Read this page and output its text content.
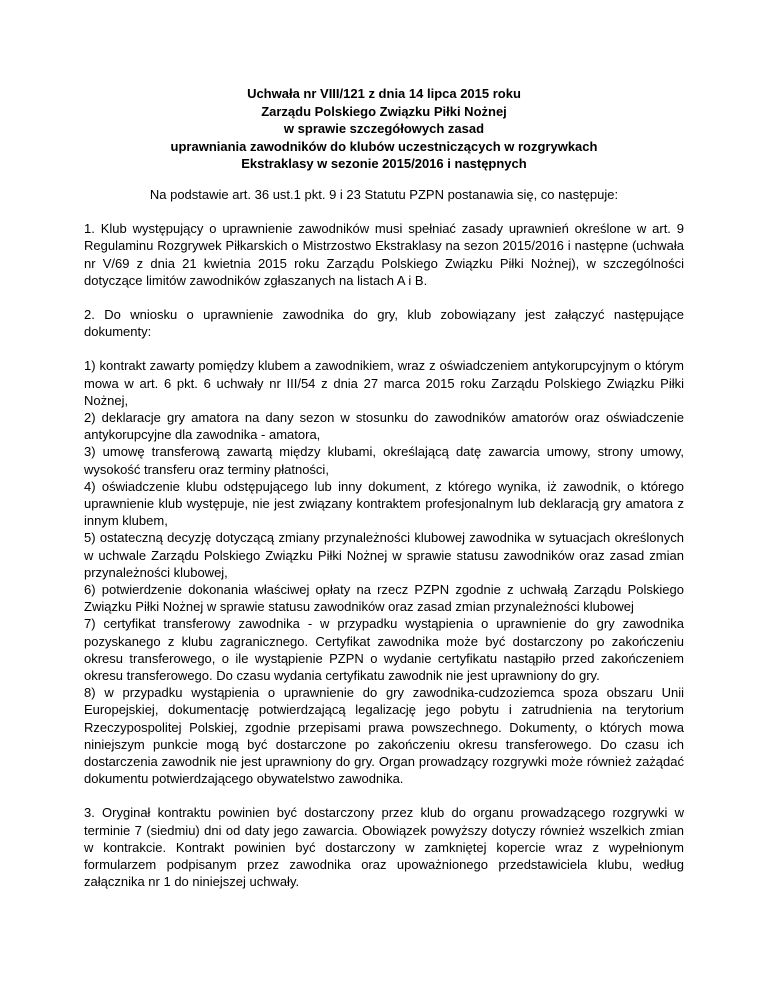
Uchwała nr VIII/121 z dnia 14 lipca 2015 roku
Zarządu Polskiego Związku Piłki Nożnej
w sprawie szczegółowych zasad
uprawniania zawodników do klubów uczestniczących w rozgrywkach
Ekstraklasy w sezonie 2015/2016 i następnych
Na podstawie art. 36 ust.1 pkt. 9 i 23 Statutu PZPN postanawia się, co następuje:
1. Klub występujący o uprawnienie zawodników musi spełniać zasady uprawnień określone w art. 9 Regulaminu Rozgrywek Piłkarskich o Mistrzostwo Ekstraklasy na sezon 2015/2016 i następne (uchwała nr V/69 z dnia 21 kwietnia 2015 roku Zarządu Polskiego Związku Piłki Nożnej), w szczególności dotyczące limitów zawodników zgłaszanych na listach A i B.
2. Do wniosku o uprawnienie zawodnika do gry, klub zobowiązany jest załączyć następujące dokumenty:
1) kontrakt zawarty pomiędzy klubem a zawodnikiem, wraz z oświadczeniem antykorupcyjnym o którym mowa w art. 6 pkt. 6 uchwały nr III/54 z dnia 27 marca 2015 roku Zarządu Polskiego Związku Piłki Nożnej,
2) deklaracje gry amatora na dany sezon w stosunku do zawodników amatorów oraz oświadczenie antykorupcyjne dla zawodnika - amatora,
3) umowę transferową zawartą między klubami, określającą datę zawarcia umowy, strony umowy, wysokość transferu oraz terminy płatności,
4) oświadczenie klubu odstępującego lub inny dokument, z którego wynika, iż zawodnik, o którego uprawnienie klub występuje, nie jest związany kontraktem profesjonalnym lub deklaracją gry amatora z innym klubem,
5) ostateczną decyzję dotyczącą zmiany przynależności klubowej zawodnika w sytuacjach określonych w uchwale Zarządu Polskiego Związku Piłki Nożnej w sprawie statusu zawodników oraz zasad zmian przynależności klubowej,
6) potwierdzenie dokonania właściwej opłaty na rzecz PZPN zgodnie z uchwałą Zarządu Polskiego Związku Piłki Nożnej w sprawie statusu zawodników oraz zasad zmian przynależności klubowej
7) certyfikat transferowy zawodnika - w przypadku wystąpienia o uprawnienie do gry zawodnika pozyskanego z klubu zagranicznego. Certyfikat zawodnika może być dostarczony po zakończeniu okresu transferowego, o ile wystąpienie PZPN o wydanie certyfikatu nastąpiło przed zakończeniem okresu transferowego. Do czasu wydania certyfikatu zawodnik nie jest uprawniony do gry.
8) w przypadku wystąpienia o uprawnienie do gry zawodnika-cudzoziemca spoza obszaru Unii Europejskiej, dokumentację potwierdzającą legalizację jego pobytu i zatrudnienia na terytorium Rzeczypospolitej Polskiej, zgodnie przepisami prawa powszechnego. Dokumenty, o których mowa niniejszym punkcie mogą być dostarczone po zakończeniu okresu transferowego. Do czasu ich dostarczenia zawodnik nie jest uprawniony do gry. Organ prowadzący rozgrywki może również zażądać dokumentu potwierdzającego obywatelstwo zawodnika.
3. Oryginał kontraktu powinien być dostarczony przez klub do organu prowadzącego rozgrywki w terminie 7 (siedmiu) dni od daty jego zawarcia. Obowiązek powyższy dotyczy również wszelkich zmian w kontrakcie. Kontrakt powinien być dostarczony w zamkniętej kopercie wraz z wypełnionym formularzem podpisanym przez zawodnika oraz upoważnionego przedstawiciela klubu, według załącznika nr 1 do niniejszej uchwały.
